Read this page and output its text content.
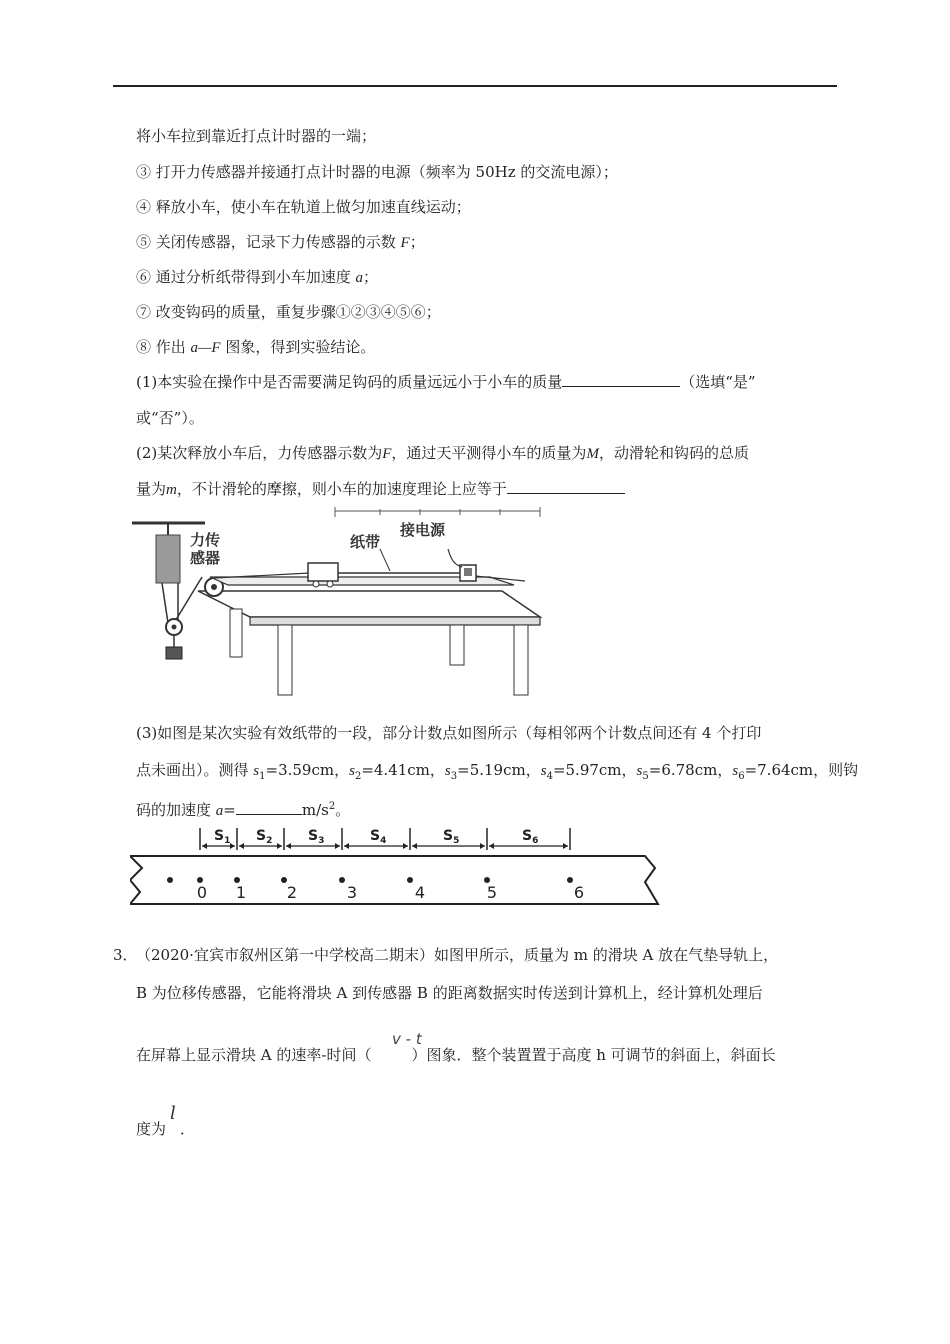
将小车拉到靠近打点计时器的一端；
③ 打开力传感器并接通打点计时器的电源（频率为 50Hz 的交流电源）；
④ 释放小车，使小车在轨道上做匀加速直线运动；
⑤ 关闭传感器，记录下力传感器的示数 F；
⑥ 通过分析纸带得到小车加速度 a；
⑦ 改变钩码的质量，重复步骤①②③④⑤⑥；
⑧ 作出 a—F 图象，得到实验结论。
(1)本实验在操作中是否需要满足钩码的质量远远小于小车的质量	（选填“是”
或“否”）。
(2)某次释放小车后，力传感器示数为F，通过天平测得小车的质量为M，动滑轮和钩码的总质
量为m，不计滑轮的摩擦，则小车的加速度理论上应等于
力传
感器
纸带
接电源
(3)如图是某次实验有效纸带的一段，部分计数点如图所示（每相邻两个计数点间还有 4 个打印
点未画出）。测得 $s_1=3.59cm$，$s_2=4.41cm$，$s_3=5.19cm$，$s_4=5.97cm$，$s_5=6.78cm$，$s_6=7.64cm$，则钩
码的加速度 a=	$m/s^2$。
$S_1$ $S_2$	$S_3$	$S_4$	$S_5$	$S_6$
0 1	2	3	4	5	6
3．
（2020·宜宾市叙州区第一中学校高二期末）如图甲所示，质量为 m 的滑块 A 放在气垫导轨上，
B 为位移传感器，它能将滑块 A 到传感器 B 的距离数据实时传送到计算机上，经计算机处理后
v - t
在屏幕上显示滑块 A 的速率-时间（	）图象．整个装置置于高度 h 可调节的斜面上，斜面长
l
度为 ．
